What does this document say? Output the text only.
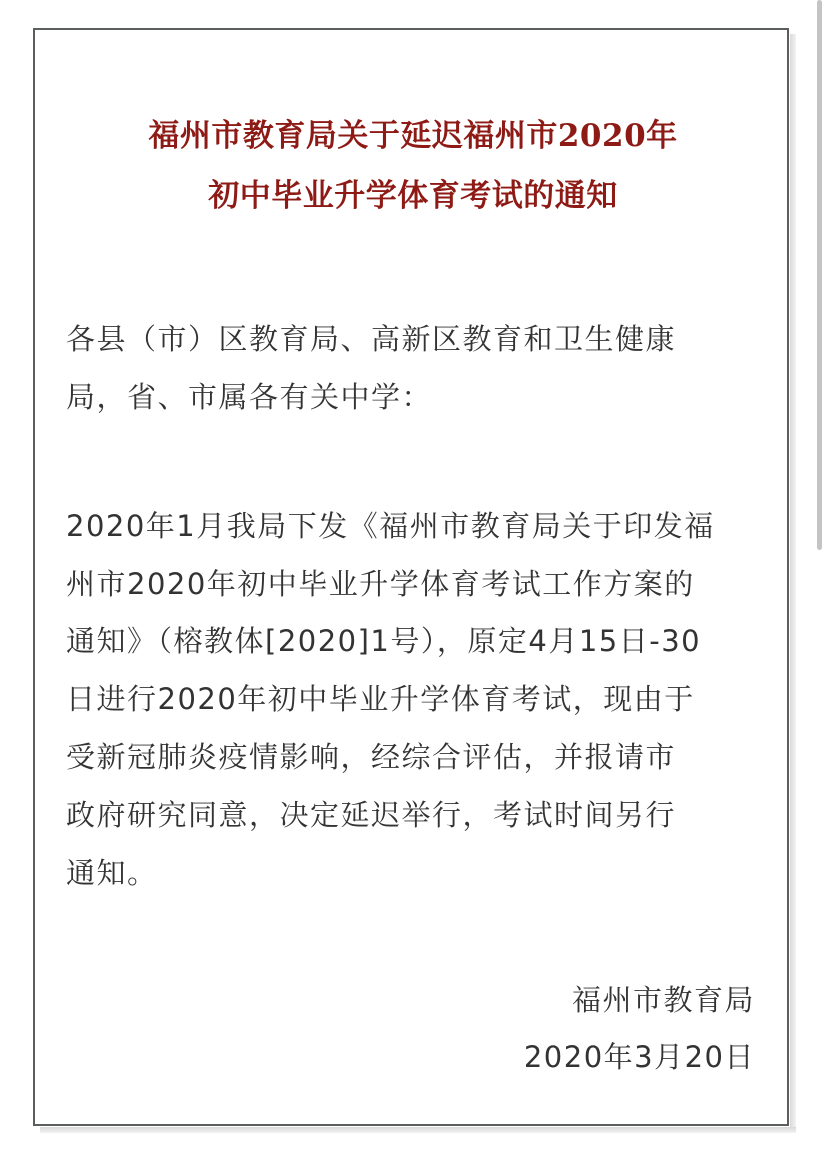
福州市教育局关于延迟福州市2020年
初中毕业升学体育考试的通知
各县（市）区教育局、高新区教育和卫生健康
局，省、市属各有关中学：
2020年1月我局下发《福州市教育局关于印发福
州市2020年初中毕业升学体育考试工作方案的
通知》（榕教体[2020]1号），原定4月15日-30
日进行2020年初中毕业升学体育考试，现由于
受新冠肺炎疫情影响，经综合评估，并报请市
政府研究同意，决定延迟举行，考试时间另行
通知。
福州市教育局
2020年3月20日
